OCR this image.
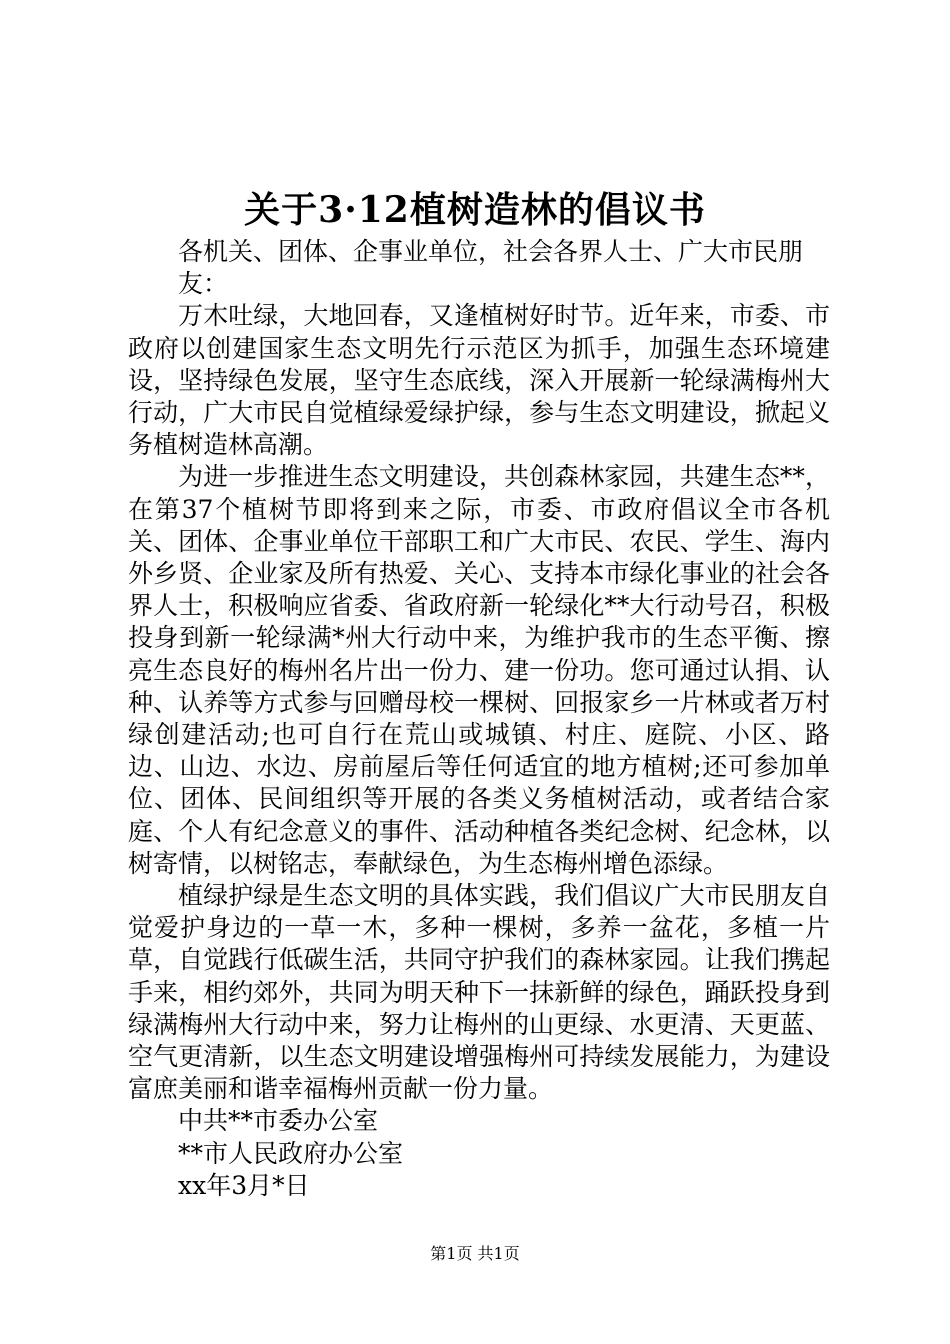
关于3·12植树造林的倡议书

各机关、团体、企事业单位，社会各界人士、广大市民朋友：

万木吐绿，大地回春，又逢植树好时节。近年来，市委、市政府以创建国家生态文明先行示范区为抓手，加强生态环境建设，坚持绿色发展，坚守生态底线，深入开展新一轮绿满梅州大行动，广大市民自觉植绿爱绿护绿，参与生态文明建设，掀起义务植树造林高潮。

为进一步推进生态文明建设，共创森林家园，共建生态**，在第37个植树节即将到来之际，市委、市政府倡议全市各机关、团体、企事业单位干部职工和广大市民、农民、学生、海内外乡贤、企业家及所有热爱、关心、支持本市绿化事业的社会各界人士，积极响应省委、省政府新一轮绿化**大行动号召，积极投身到新一轮绿满*州大行动中来，为维护我市的生态平衡、擦亮生态良好的梅州名片出一份力、建一份功。您可通过认捐、认种、认养等方式参与回赠母校一棵树、回报家乡一片林或者万村绿创建活动;也可自行在荒山或城镇、村庄、庭院、小区、路边、山边、水边、房前屋后等任何适宜的地方植树;还可参加单位、团体、民间组织等开展的各类义务植树活动，或者结合家庭、个人有纪念意义的事件、活动种植各类纪念树、纪念林，以树寄情，以树铭志，奉献绿色，为生态梅州增色添绿。

植绿护绿是生态文明的具体实践，我们倡议广大市民朋友自觉爱护身边的一草一木，多种一棵树，多养一盆花，多植一片草，自觉践行低碳生活，共同守护我们的森林家园。让我们携起手来，相约郊外，共同为明天种下一抹新鲜的绿色，踊跃投身到绿满梅州大行动中来，努力让梅州的山更绿、水更清、天更蓝、空气更清新，以生态文明建设增强梅州可持续发展能力，为建设富庶美丽和谐幸福梅州贡献一份力量。

中共**市委办公室

**市人民政府办公室

xx年3月*日

第1页 共1页
